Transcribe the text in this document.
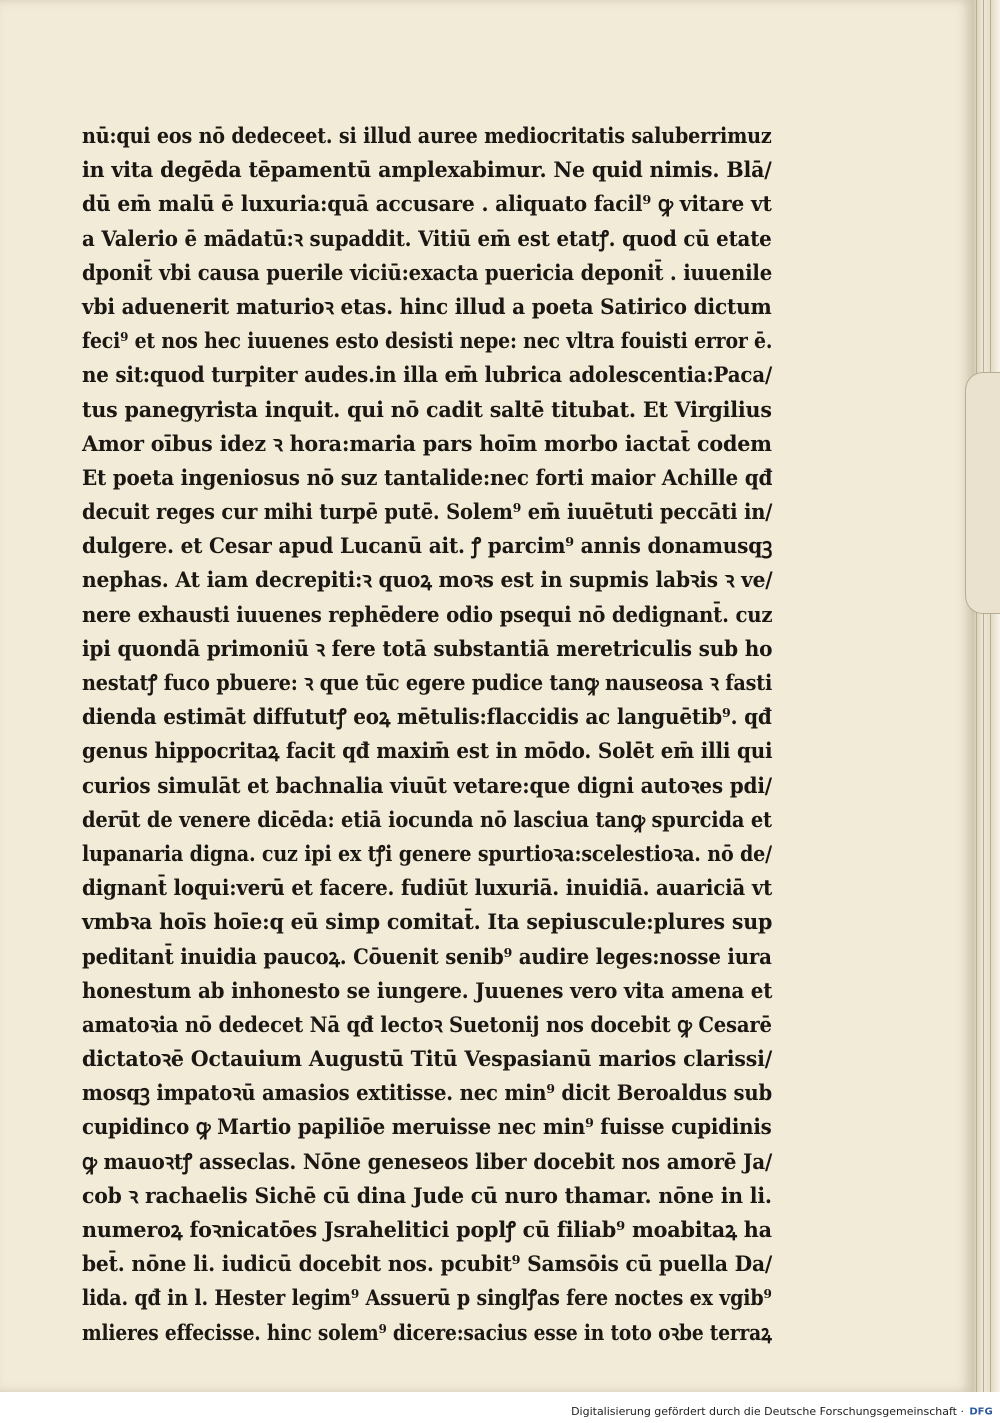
nū:qui eos nō dedeceet. si illud auree mediocritatis saluberrimuz
in vita degēda tēpamentū amplexabimur. Ne quid nimis. Blā/
dū em̄ malū ē luxuria:quā accusare . aliquato facil⁹ ꝙ vitare vt
a Valerio ē mādatū:ꝛ supaddit. Vitiū em̄ est etatꝭ. quod cū etate
dponit̄ vbi causa puerile viciū:exacta puericia deponit̄ . iuuenile
vbi aduenerit maturioꝛ etas. hinc illud a poeta Satirico dictum
feci⁹ et nos hec iuuenes esto desisti nepe: nec vltra fouisti error ē.
ne sit:quod turpiter audes.in illa em̄ lubrica adolescentia:Paca/
tus panegyrista inquit. qui nō cadit saltē titubat. Et Virgilius
Amor oībus idez ꝛ hora:maria pars hoīm morbo iactat̄ codem
Et poeta ingeniosus nō suz tantalide:nec forti maior Achille qđ
decuit reges cur mihi turpē putē. Solem⁹ em̄ iuuētuti peccāti in/
dulgere. et Cesar apud Lucanū ait. ꝭ parcim⁹ annis donamusqꝫ
nephas. At iam decrepiti:ꝛ quoꝝ moꝛs est in supmis labꝛis ꝛ ve/
nere exhausti iuuenes rephēdere odio psequi nō dedignant̄. cuz
ipi quondā primoniū ꝛ fere totā substantiā meretriculis sub ho
nestatꝭ fuco pbuere: ꝛ que tūc egere pudice tanꝙ nauseosa ꝛ fasti
dienda estimāt diffututꝭ eoꝝ mētulis:flaccidis ac languētib⁹. qđ
genus hippocritaꝝ facit qđ maxim̄ est in mōdo. Solēt em̄ illi qui
curios simulāt et bachnalia viuūt vetare:que digni autoꝛes pdi/
derūt de venere dicēda: etiā iocunda nō lasciua tanꝙ spurcida et
lupanaria digna. cuz ipi ex tꝭi genere spurtioꝛa:scelestioꝛa. nō de/
dignant̄ loqui:verū et facere. fudiūt luxuriā. inuidiā. auariciā vt
vmbꝛa hoīs hoīe:q eū simp comitat̄. Ita sepiuscule:plures sup
peditant̄ inuidia paucoꝝ. Cōuenit senib⁹ audire leges:nosse iura
honestum ab inhonesto se iungere. Juuenes vero vita amena et
amatoꝛia nō dedecet Nā qđ lectoꝛ Suetonij nos docebit ꝙ Cesarē
dictatoꝛē Octauium Augustū Titū Vespasianū marios clarissi/
mosqꝫ impatoꝛū amasios extitisse. nec min⁹ dicit Beroaldus sub
cupidinco ꝙ Martio papiliōe meruisse nec min⁹ fuisse cupidinis
ꝙ mauoꝛtꝭ asseclas. Nōne geneseos liber docebit nos amorē Ja/
cob ꝛ rachaelis Sichē cū dina Jude cū nuro thamar. nōne in li.
numeroꝝ foꝛnicatōes Jsrahelitici poplꝭ cū filiab⁹ moabitaꝝ ha
bet̄. nōne li. iudicū docebit nos. pcubit⁹ Samsōis cū puella Da/
lida. qđ in l. Hester legim⁹ Assuerū p singlꝭas fere noctes ex vgib⁹
mlieres effecisse. hinc solem⁹ dicere:sacius esse in toto oꝛbe terraꝝ
Digitalisierung gefördert durch die Deutsche Forschungsgemeinschaft · DFG
